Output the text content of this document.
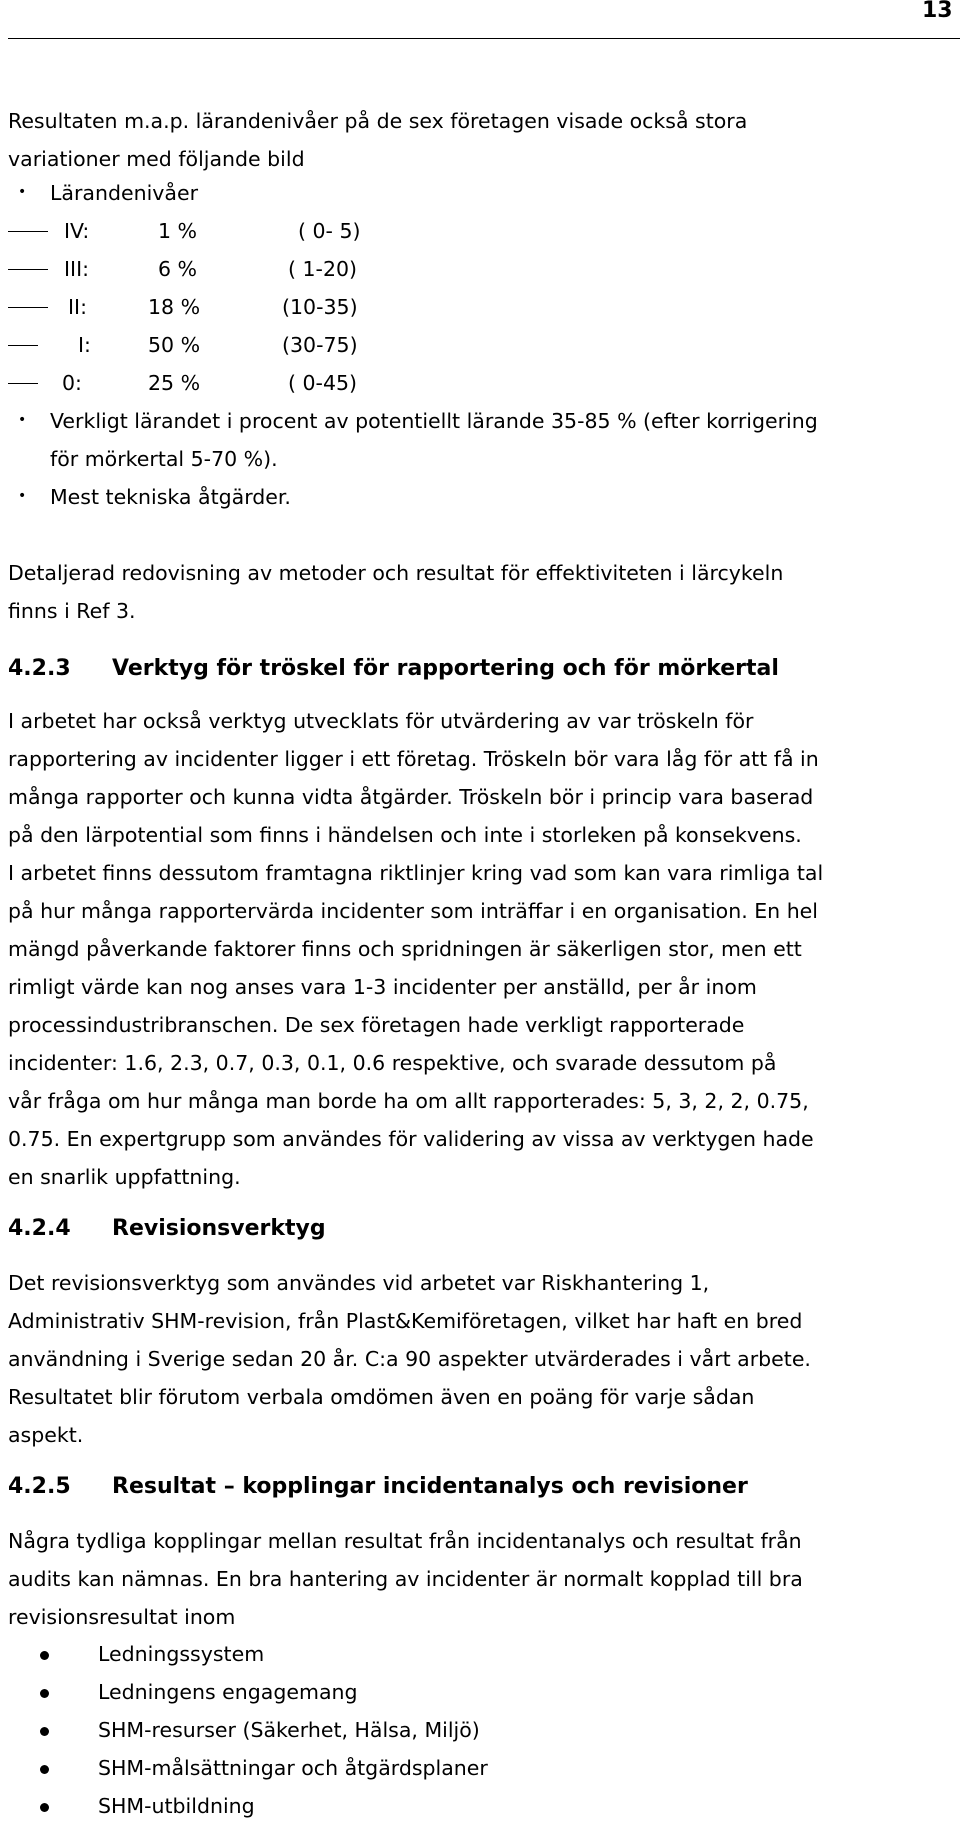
13
Resultaten m.a.p. lärandenivåer på de sex företagen visade också stora
variationer med följande bild
• Lärandenivåer
IV:	1 %	( 0- 5)
III:	6 %	( 1-20)
II:	18 %	(10-35)
I:	50 %	(30-75)
0:	25 %	( 0-45)
• Verkligt lärandet i procent av potentiellt lärande 35-85 % (efter korrigering
för mörkertal 5-70 %).
• Mest tekniska åtgärder.
Detaljerad redovisning av metoder och resultat för effektiviteten i lärcykeln
finns i Ref 3.
4.2.3 Verktyg för tröskel för rapportering och för mörkertal
I arbetet har också verktyg utvecklats för utvärdering av var tröskeln för
rapportering av incidenter ligger i ett företag. Tröskeln bör vara låg för att få in
många rapporter och kunna vidta åtgärder. Tröskeln bör i princip vara baserad
på den lärpotential som finns i händelsen och inte i storleken på konsekvens.
I arbetet finns dessutom framtagna riktlinjer kring vad som kan vara rimliga tal
på hur många rapportervärda incidenter som inträffar i en organisation. En hel
mängd påverkande faktorer finns och spridningen är säkerligen stor, men ett
rimligt värde kan nog anses vara 1-3 incidenter per anställd, per år inom
processindustribranschen. De sex företagen hade verkligt rapporterade
incidenter: 1.6, 2.3, 0.7, 0.3, 0.1, 0.6 respektive, och svarade dessutom på
vår fråga om hur många man borde ha om allt rapporterades: 5, 3, 2, 2, 0.75,
0.75. En expertgrupp som användes för validering av vissa av verktygen hade
en snarlik uppfattning.
4.2.4 Revisionsverktyg
Det revisionsverktyg som användes vid arbetet var Riskhantering 1,
Administrativ SHM-revision, från Plast&Kemiföretagen, vilket har haft en bred
användning i Sverige sedan 20 år. C:a 90 aspekter utvärderades i vårt arbete.
Resultatet blir förutom verbala omdömen även en poäng för varje sådan
aspekt.
4.2.5 Resultat – kopplingar incidentanalys och revisioner
Några tydliga kopplingar mellan resultat från incidentanalys och resultat från
audits kan nämnas. En bra hantering av incidenter är normalt kopplad till bra
revisionsresultat inom
Ledningssystem
Ledningens engagemang
SHM-resurser (Säkerhet, Hälsa, Miljö)
SHM-målsättningar och åtgärdsplaner
SHM-utbildning
